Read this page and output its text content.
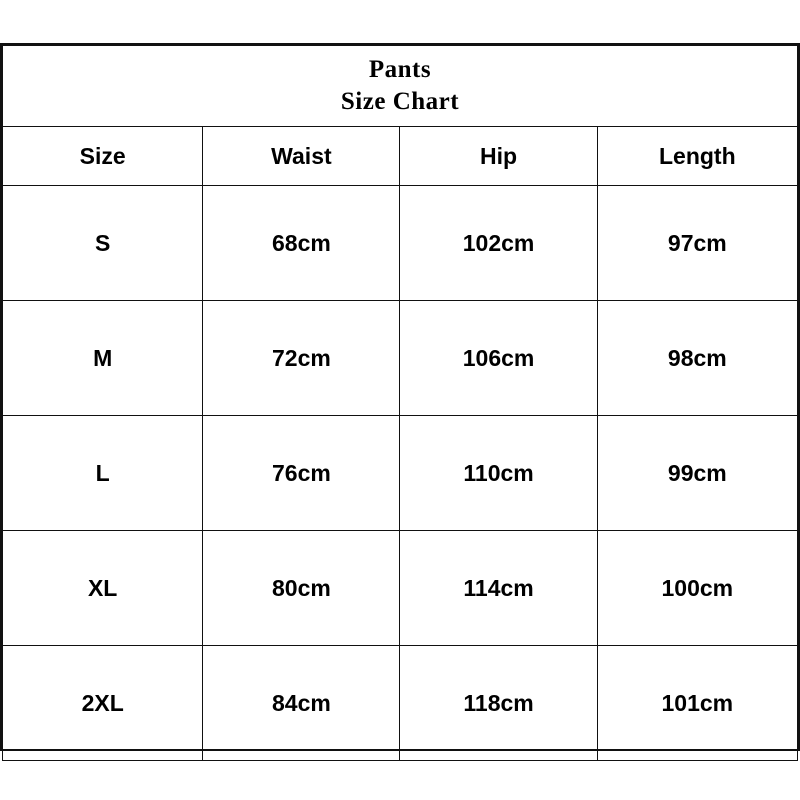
Pants
Size Chart			

Size	Waist	Hip	Length
S	68cm	102cm	97cm
M	72cm	106cm	98cm
L	76cm	110cm	99cm
XL	80cm	114cm	100cm
2XL	84cm	118cm	101cm
